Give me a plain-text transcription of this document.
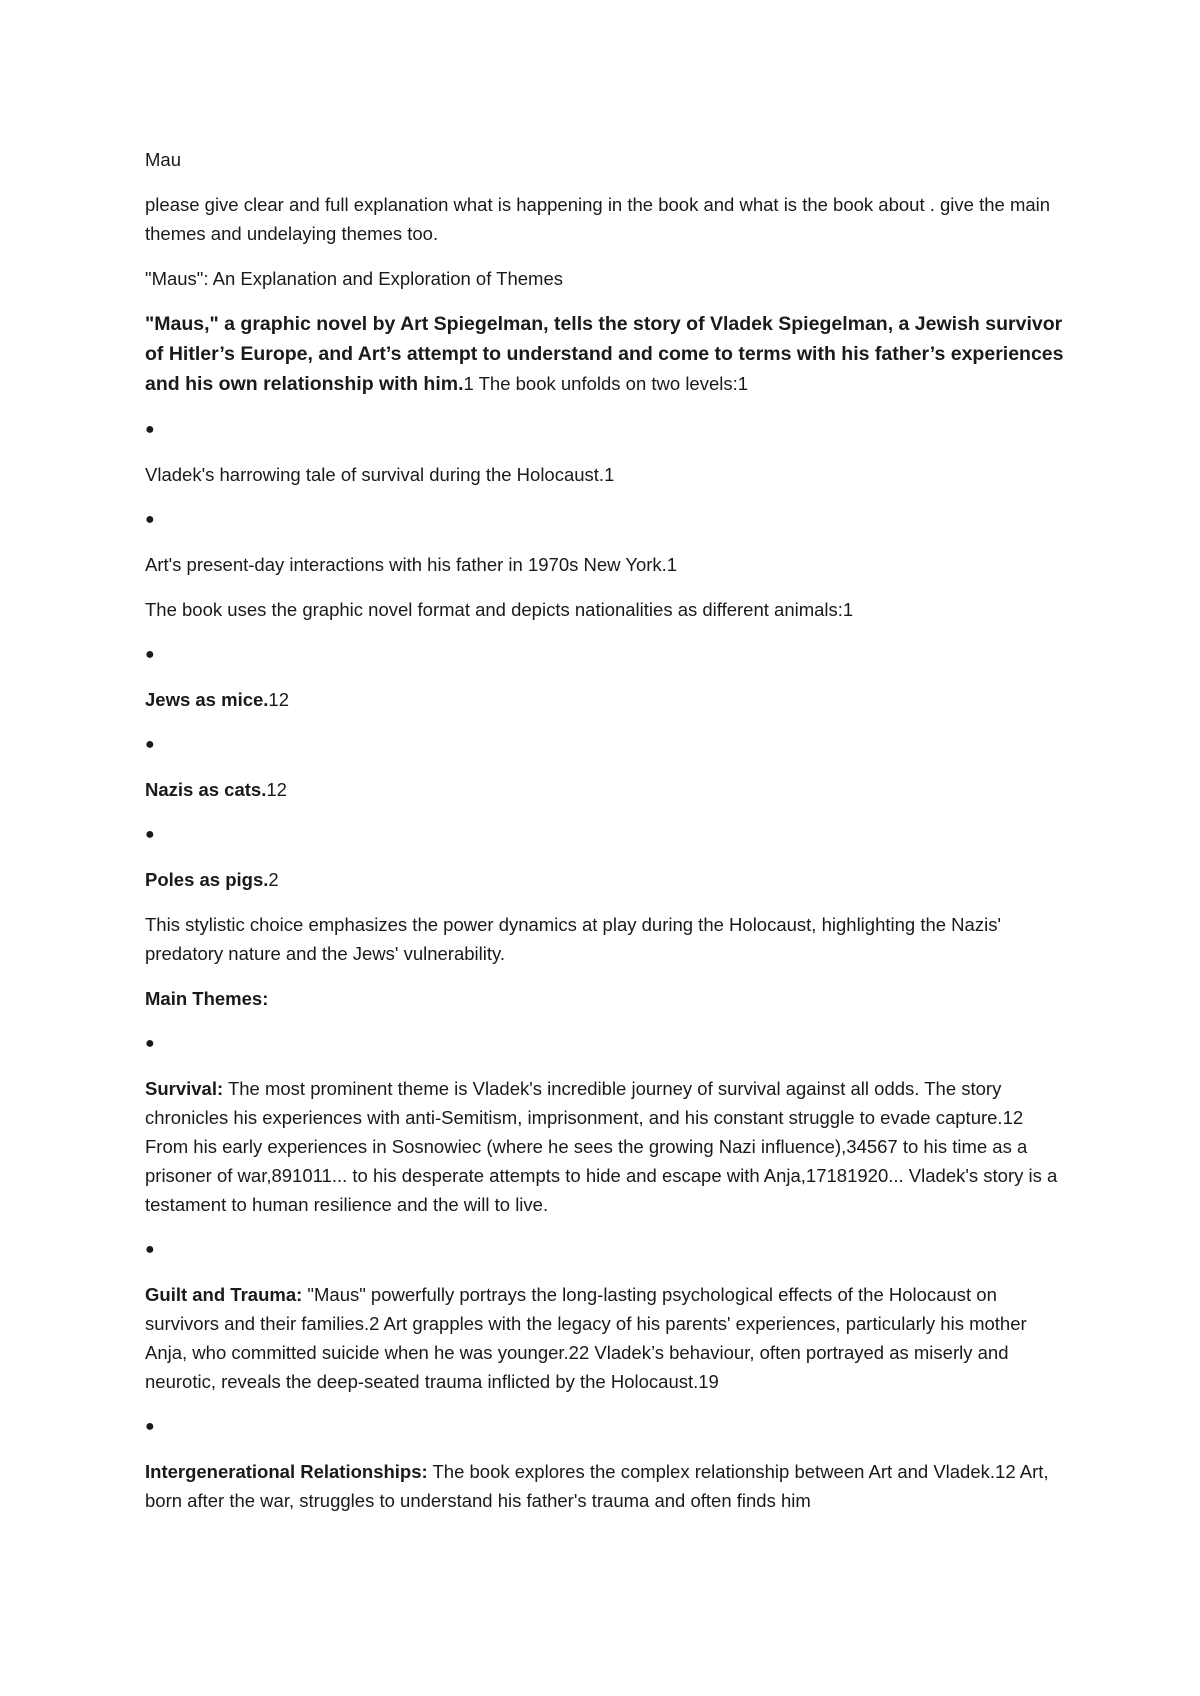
Mau

please give clear and full explanation what is happening in the book and what is the book about . give the main themes and undelaying themes too.

"Maus": An Explanation and Exploration of Themes

"Maus," a graphic novel by Art Spiegelman, tells the story of Vladek Spiegelman, a Jewish survivor of Hitler’s Europe, and Art’s attempt to understand and come to terms with his father’s experiences and his own relationship with him.1 The book unfolds on two levels:1

●

Vladek's harrowing tale of survival during the Holocaust.1

●

Art's present-day interactions with his father in 1970s New York.1

The book uses the graphic novel format and depicts nationalities as different animals:1

●

Jews as mice.12

●

Nazis as cats.12

●

Poles as pigs.2

This stylistic choice emphasizes the power dynamics at play during the Holocaust, highlighting the Nazis' predatory nature and the Jews' vulnerability.

Main Themes:

●

Survival: The most prominent theme is Vladek's incredible journey of survival against all odds. The story chronicles his experiences with anti-Semitism, imprisonment, and his constant struggle to evade capture.12 From his early experiences in Sosnowiec (where he sees the growing Nazi influence),34567 to his time as a prisoner of war,891011... to his desperate attempts to hide and escape with Anja,17181920... Vladek's story is a testament to human resilience and the will to live.

●

Guilt and Trauma: "Maus" powerfully portrays the long-lasting psychological effects of the Holocaust on survivors and their families.2 Art grapples with the legacy of his parents' experiences, particularly his mother Anja, who committed suicide when he was younger.22 Vladek’s behaviour, often portrayed as miserly and neurotic, reveals the deep-seated trauma inflicted by the Holocaust.19

●

Intergenerational Relationships: The book explores the complex relationship between Art and Vladek.12 Art, born after the war, struggles to understand his father's trauma and often finds him
